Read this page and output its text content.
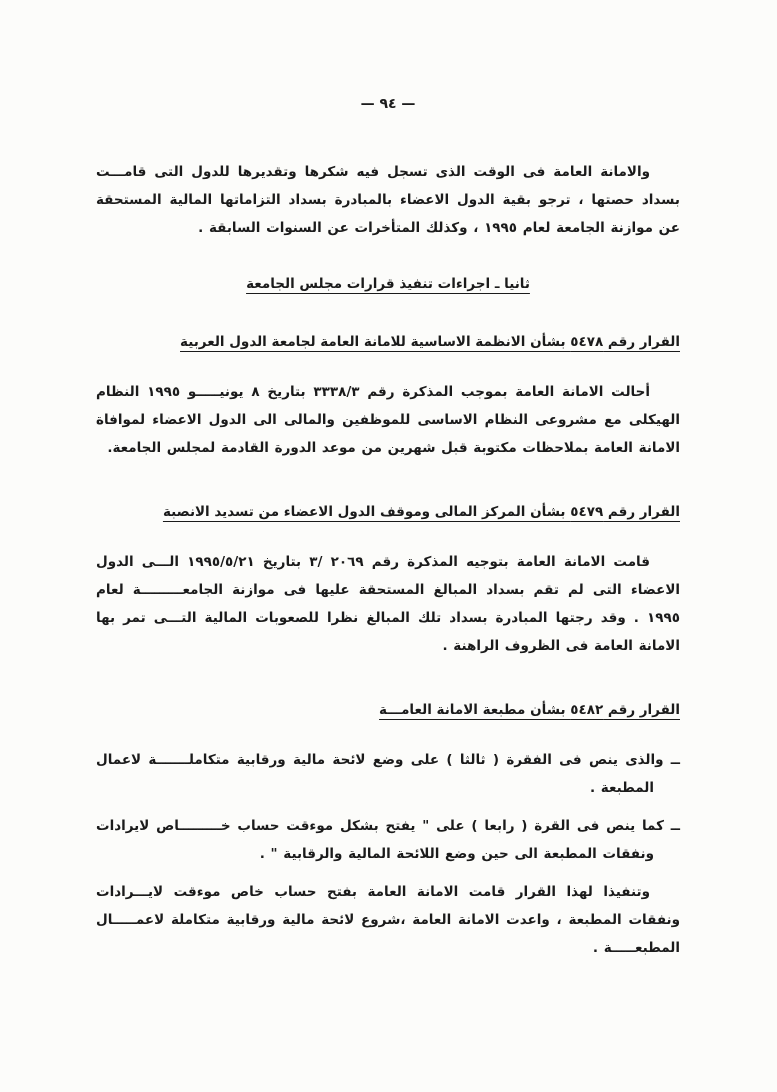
— ٩٤ —

والامانة العامة فى الوقت الذى تسجل فيه شكرها وتقديرها للدول التى قامـــت بسداد حصتها ، ترجو بقية الدول الاعضاء بالمبادرة بسداد التزاماتها المالية المستحقة عن موازنة الجامعة لعام ١٩٩٥ ، وكذلك المتأخرات عن السنوات السابقة .

ثانيا ـ اجراءات تنفيذ قرارات مجلس الجامعة
القرار رقم ٥٤٧٨ بشأن الانظمة الاساسية للامانة العامة لجامعة الدول العربية

أحالت الامانة العامة بموجب المذكرة رقم ٣٣٣٨/٣ بتاريخ ٨ يونيـــــو ١٩٩٥ النظام الهيكلى مع مشروعى النظام الاساسى للموظفين والمالى الى الدول الاعضاء لموافاة الامانة العامة بملاحظات مكتوبة قبل شهرين من موعد الدورة القادمة لمجلس الجامعة.

القرار رقم ٥٤٧٩ بشأن المركز المالى وموقف الدول الاعضاء من تسديد الانصبة

قامت الامانة العامة بتوجيه المذكرة رقم ٢٠٦٩ /٣ بتاريخ ١٩٩٥/٥/٢١ الـــى الدول الاعضاء التى لم تقم بسداد المبالغ المستحقة عليها فى موازنة الجامعـــــــــة لعام ١٩٩٥ . وقد رجتها المبادرة بسداد تلك المبالغ نظرا للصعوبات المالية التـــى تمر بها الامانة العامة فى الظروف الراهنة .

القرار رقم ٥٤٨٢ بشأن مطبعة الامانة العامـــة

ــ والذى ينص فى الفقرة ( ثالثا ) على وضع لائحة مالية ورقابية متكاملـــــــة لاعمال المطبعة .

ــ كما ينص فى القرة ( رابعا ) على " يفتح بشكل موءقت حساب خـــــــــاص لايرادات ونفقات المطبعة الى حين وضع اللائحة المالية والرقابية " .

وتنفيذا لهذا القرار قامت الامانة العامة بفتح حساب خاص موءقت لايـــرادات ونفقات المطبعة ، واعدت الامانة العامة ،شروع لائحة مالية ورقابية متكاملة لاعمـــــال المطبعـــــة .
